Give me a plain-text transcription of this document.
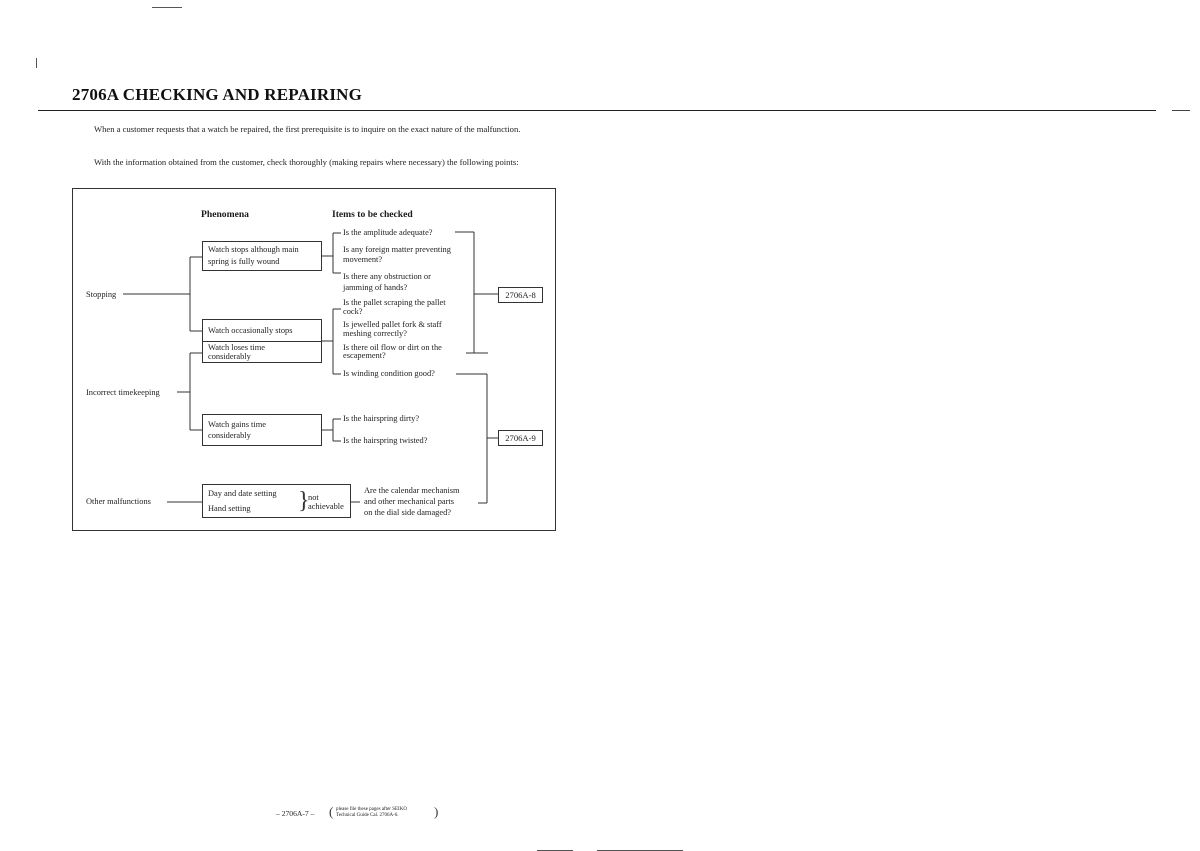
2706A CHECKING AND REPAIRING
When a customer requests that a watch be repaired, the first prerequisite is to inquire on the exact nature of the malfunction.
With the information obtained from the customer, check thoroughly (making repairs where necessary) the following points:
Phenomena	Items to be checked
Stopping
Incorrect timekeeping
Other malfunctions
Watch stops although main
spring is fully wound
Watch occasionally stops
Watch loses time
considerably
Watch gains time
considerably
Day and date setting
Hand setting }
not
achievable
Is the amplitude adequate?
Is any foreign matter preventing
movement?
Is there any obstruction or
jamming of hands?
Is the pallet scraping the pallet
cock?
Is jewelled pallet fork & staff
meshing correctly?
Is there oil flow or dirt on the
escapement?
Is winding condition good?
Is the hairspring dirty?
Is the hairspring twisted?
Are the calendar mechanism
and other mechanical parts
on the dial side damaged?
2706A-8
2706A-9
– 2706A-7 – ( please file these pages after SEIKO
Technical Guide Cal. 2706A-6.	)
